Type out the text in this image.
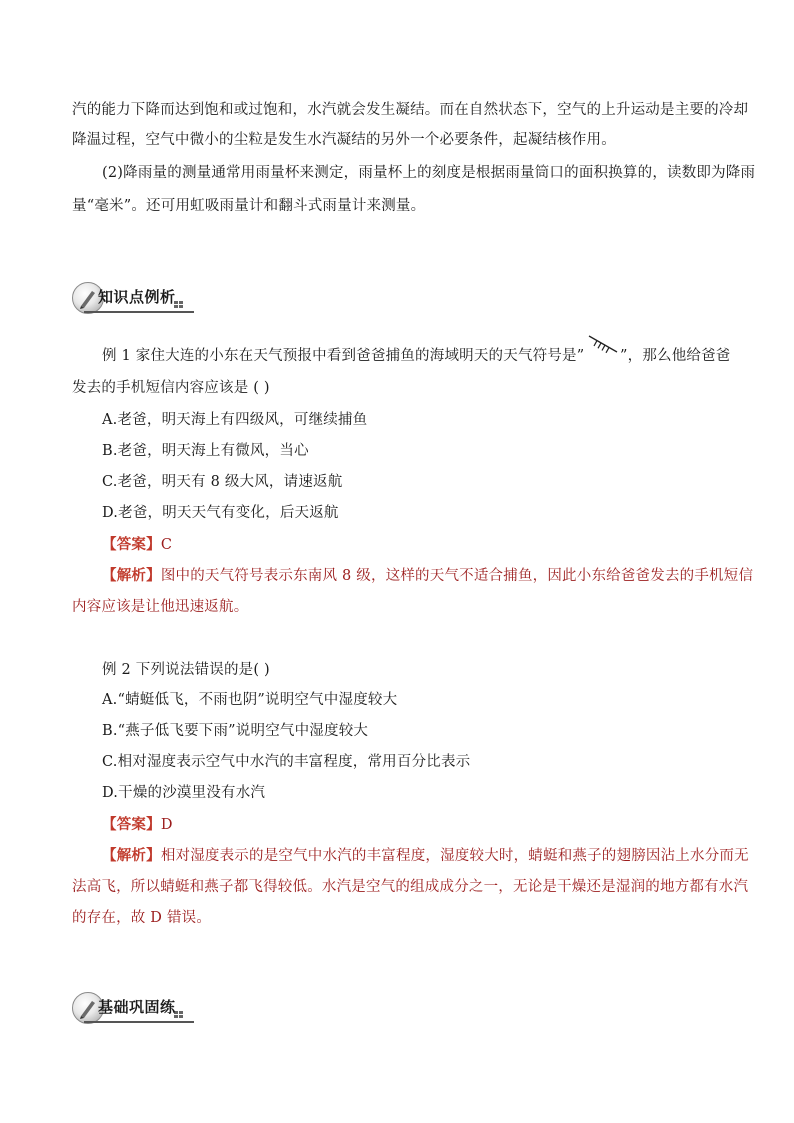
汽的能力下降而达到饱和或过饱和，水汽就会发生凝结。而在自然状态下，空气的上升运动是主要的冷却
降温过程，空气中微小的尘粒是发生水汽凝结的另外一个必要条件，起凝结核作用。
(2)降雨量的测量通常用雨量杯来测定，雨量杯上的刻度是根据雨量筒口的面积换算的，读数即为降雨
量“毫米”。还可用虹吸雨量计和翻斗式雨量计来测量。
知识点例析
例 1 家住大连的小东在天气预报中看到爸爸捕鱼的海域明天的天气符号是” ”，那么他给爸爸
发去的手机短信内容应该是 ( )
A.老爸，明天海上有四级风，可继续捕鱼
B.老爸，明天海上有微风，当心
C.老爸，明天有 8 级大风，请速返航
D.老爸，明天天气有变化，后天返航
【答案】C
【解析】图中的天气符号表示东南风 8 级，这样的天气不适合捕鱼，因此小东给爸爸发去的手机短信
内容应该是让他迅速返航。
例 2 下列说法错误的是( )
A.“蜻蜓低飞，不雨也阴”说明空气中湿度较大
B.“燕子低飞要下雨”说明空气中湿度较大
C.相对湿度表示空气中水汽的丰富程度，常用百分比表示
D.干燥的沙漠里没有水汽
【答案】D
【解析】相对湿度表示的是空气中水汽的丰富程度，湿度较大时，蜻蜓和燕子的翅膀因沾上水分而无
法高飞，所以蜻蜓和燕子都飞得较低。水汽是空气的组成成分之一，无论是干燥还是湿润的地方都有水汽
的存在，故 D 错误。
基础巩固练
